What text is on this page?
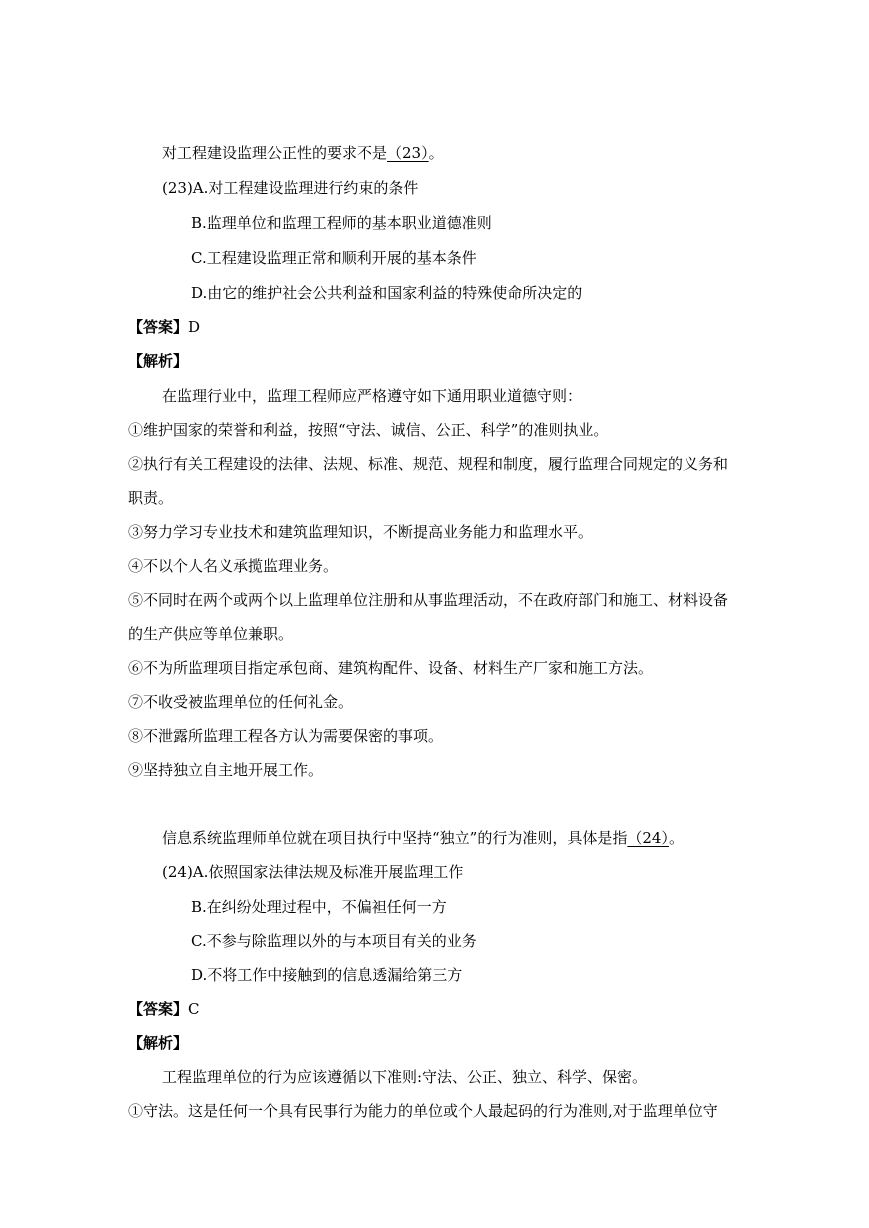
对工程建设监理公正性的要求不是（23）。
(23)A.对工程建设监理进行约束的条件
B.监理单位和监理工程师的基本职业道德准则
C.工程建设监理正常和顺利开展的基本条件
D.由它的维护社会公共利益和国家利益的特殊使命所决定的
【答案】D
【解析】
在监理行业中，监理工程师应严格遵守如下通用职业道德守则：
①维护国家的荣誉和利益，按照“守法、诚信、公正、科学”的准则执业。
②执行有关工程建设的法律、法规、标准、规范、规程和制度，履行监理合同规定的义务和
职责。
③努力学习专业技术和建筑监理知识，不断提高业务能力和监理水平。
④不以个人名义承揽监理业务。
⑤不同时在两个或两个以上监理单位注册和从事监理活动，不在政府部门和施工、材料设备
的生产供应等单位兼职。
⑥不为所监理项目指定承包商、建筑构配件、设备、材料生产厂家和施工方法。
⑦不收受被监理单位的任何礼金。
⑧不泄露所监理工程各方认为需要保密的事项。
⑨坚持独立自主地开展工作。
信息系统监理师单位就在项目执行中坚持“独立”的行为准则，具体是指（24）。
(24)A.依照国家法律法规及标准开展监理工作
B.在纠纷处理过程中，不偏袒任何一方
C.不参与除监理以外的与本项目有关的业务
D.不将工作中接触到的信息透漏给第三方
【答案】C
【解析】
工程监理单位的行为应该遵循以下准则:守法、公正、独立、科学、保密。
①守法。这是任何一个具有民事行为能力的单位或个人最起码的行为准则,对于监理单位守
